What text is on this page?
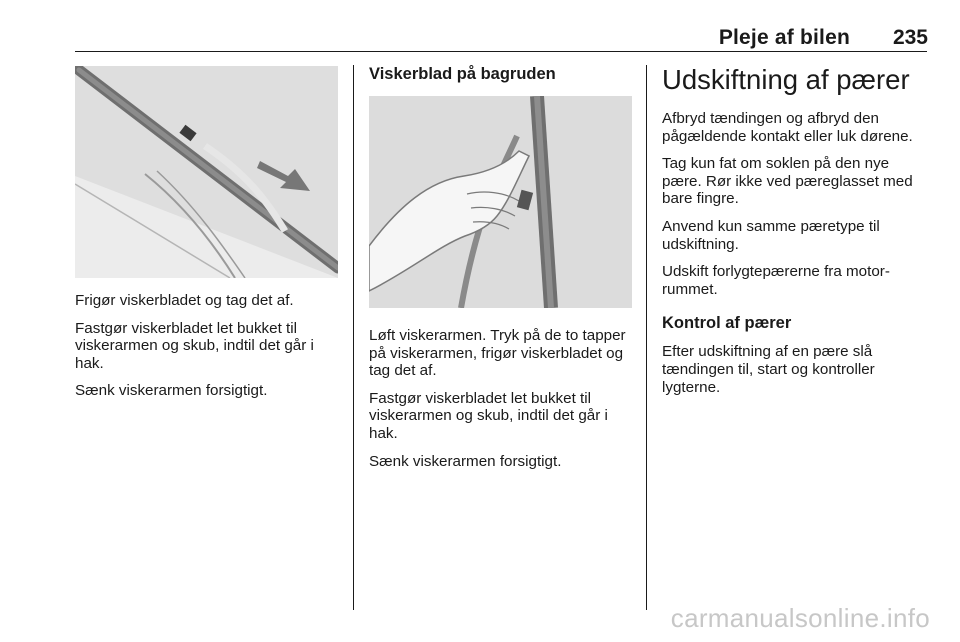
Pleje af bilen	235

Frigør viskerbladet og tag det af.

Fastgør viskerbladet let bukket til viskerarmen og skub, indtil det går i hak.

Sænk viskerarmen forsigtigt.

Viskerblad på bagruden

Løft viskerarmen. Tryk på de to tapper på viskerarmen, frigør viskerbladet og tag det af.

Fastgør viskerbladet let bukket til viskerarmen og skub, indtil det går i hak.

Sænk viskerarmen forsigtigt.

Udskiftning af pærer

Afbryd tændingen og afbryd den pågældende kontakt eller luk dørene.

Tag kun fat om soklen på den nye pære. Rør ikke ved pæreglasset med bare fingre.

Anvend kun samme pæretype til udskiftning.

Udskift forlygtepærerne fra motorrummet.

Kontrol af pærer

Efter udskiftning af en pære slå tændingen til, start og kontroller lygterne.

carmanualsonline.info
